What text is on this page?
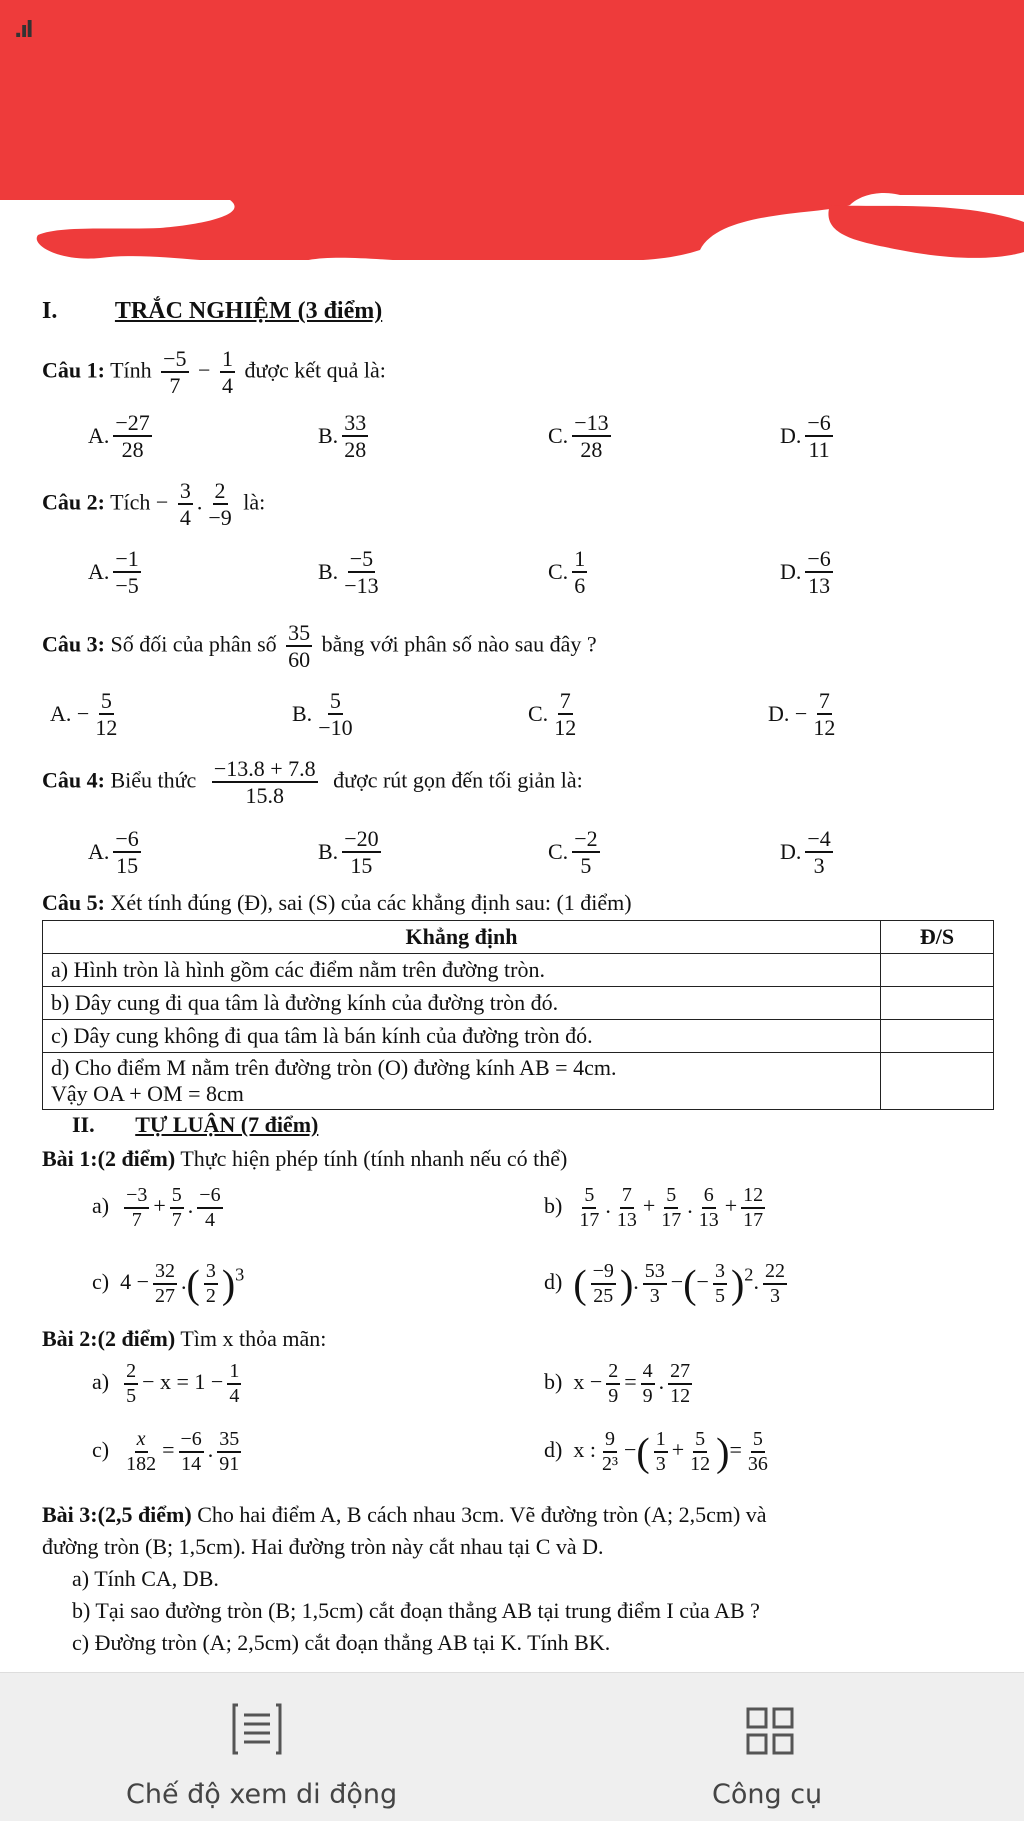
.ıl
I. TRẮC NGHIỆM (3 điểm)
Câu 1: Tính $\frac{-5}{7} - \frac{1}{4}$ được kết quả là:
A. $\frac{-27}{28}$	B. $\frac{33}{28}$	C. $\frac{-13}{28}$	D. $\frac{-6}{11}$
Câu 2: Tích − $\frac{3}{4}$ . $\frac{2}{-9}$ là:
A. $\frac{-1}{-5}$	B. $\frac{-5}{-13}$	C. $\frac{1}{6}$	D. $\frac{-6}{13}$
Câu 3: Số đối của phân số $\frac{35}{60}$ bằng với phân số nào sau đây ?
A.
− $\frac{5}{12}$	B. $\frac{5}{-10}$	C. $\frac{7}{12}$	D.
− $\frac{7}{12}$
Câu 4: Biểu thức $\frac{-13.8 + 7.8}{15.8}$ được rút gọn đến tối giản là:
A. $\frac{-6}{15}$	B. $\frac{-20}{15}$	C. $\frac{-2}{5}$	D. $\frac{-4}{3}$
Câu 5: Xét tính đúng (Đ), sai (S) của các khẳng định sau: (1 điểm)
Khẳng định	Đ/S
a) Hình tròn là hình gồm các điểm nằm trên đường tròn.	
b) Dây cung đi qua tâm là đường kính của đường tròn đó.	
c) Dây cung không đi qua tâm là bán kính của đường tròn đó.	

d) Cho điểm M nằm trên đường tròn (O) đường kính AB = 4cm.
Vậy OA + OM = 8cm	

II. TỰ LUẬN (7 điểm)
Bài 1:(2 điểm) Thực hiện phép tính (tính nhanh nếu có thể)
$a) \frac{-3}{7} + \frac{5}{7}$ . $\frac{-6}{4}$	$b) \frac{5}{17}$ . $\frac{7}{13} + \frac{5}{17}$ . $\frac{6}{13} + \frac{12}{17}$
c) $4 - \frac{32}{27}$ .( $\frac{3}{2} )^3$	d) ( $\frac{-9}{25}$ ). $\frac{53}{3}$ −(− $\frac{3}{5} )^2$. $\frac{22}{3}$
Bài 2:(2 điểm) Tìm x thỏa mãn:
$a) \frac{2}{5} - x = 1 - \frac{1}{4}$	b) $x - \frac{2}{9} = \frac{4}{9}$ . $\frac{27}{12}$
$c) \frac{x}{182} = \frac{-6}{14}$ . $\frac{35}{91}$	d) x : $\frac{9}{\text{2³}}$ −( $\frac{1}{3} + \frac{5}{12}$ )= $\frac{5}{36}$
Bài 3:(2,5 điểm) Cho hai điểm A, B cách nhau 3cm. Vẽ đường tròn (A; 2,5cm) và
đường tròn (B; 1,5cm). Hai đường tròn này cắt nhau tại C và D.
a) Tính CA, DB.
b) Tại sao đường tròn (B; 1,5cm) cắt đoạn thẳng AB tại trung điểm I của AB ?
c) Đường tròn (A; 2,5cm) cắt đoạn thẳng AB tại K. Tính BK.
Chế độ xem di động	Công cụ
